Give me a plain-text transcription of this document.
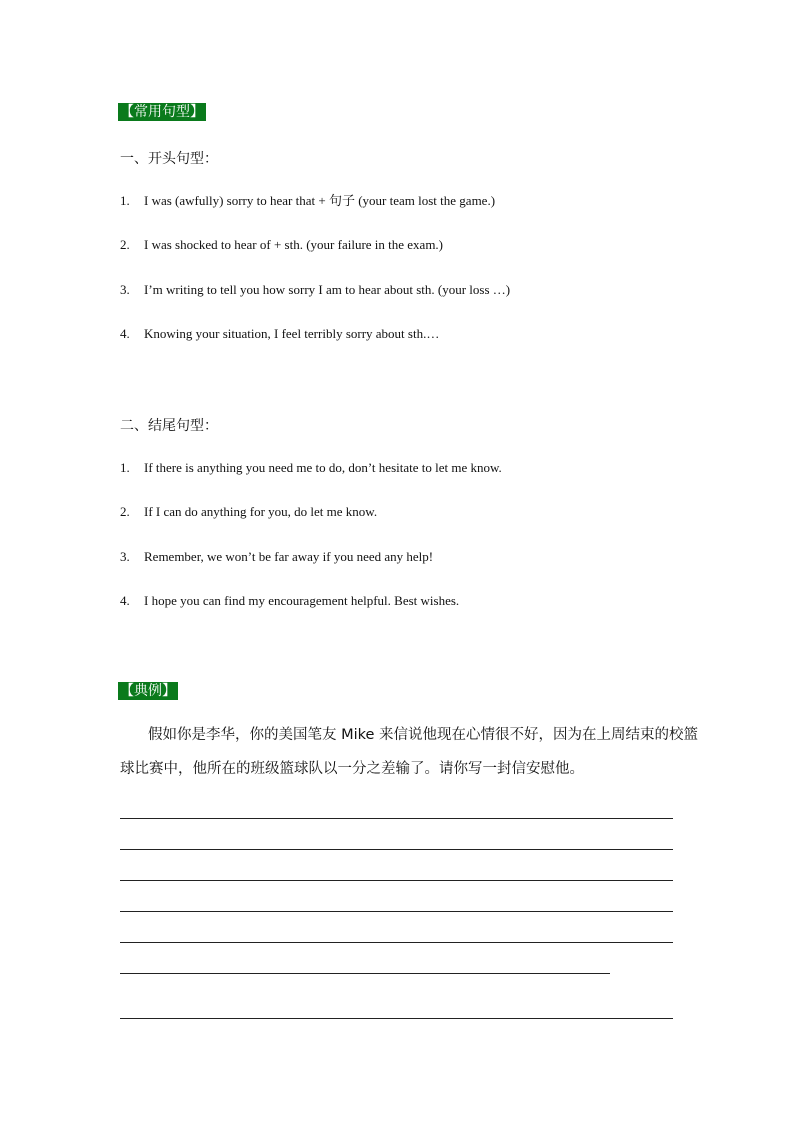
【常用句型】
一、开头句型：
1. I was (awfully) sorry to hear that + 句子 (your team lost the game.)
2. I was shocked to hear of + sth. (your failure in the exam.)
3. I’m writing to tell you how sorry I am to hear about sth. (your loss …)
4. Knowing your situation, I feel terribly sorry about sth.…
二、结尾句型：
1. If there is anything you need me to do, don’t hesitate to let me know.
2. If I can do anything for you, do let me know.
3. Remember, we won’t be far away if you need any help!
4. I hope you can find my encouragement helpful. Best wishes.
【典例】
假如你是李华，你的美国笔友 Mike 来信说他现在心情很不好，因为在上周结束的校篮
球比赛中，他所在的班级篮球队以一分之差输了。请你写一封信安慰他。
